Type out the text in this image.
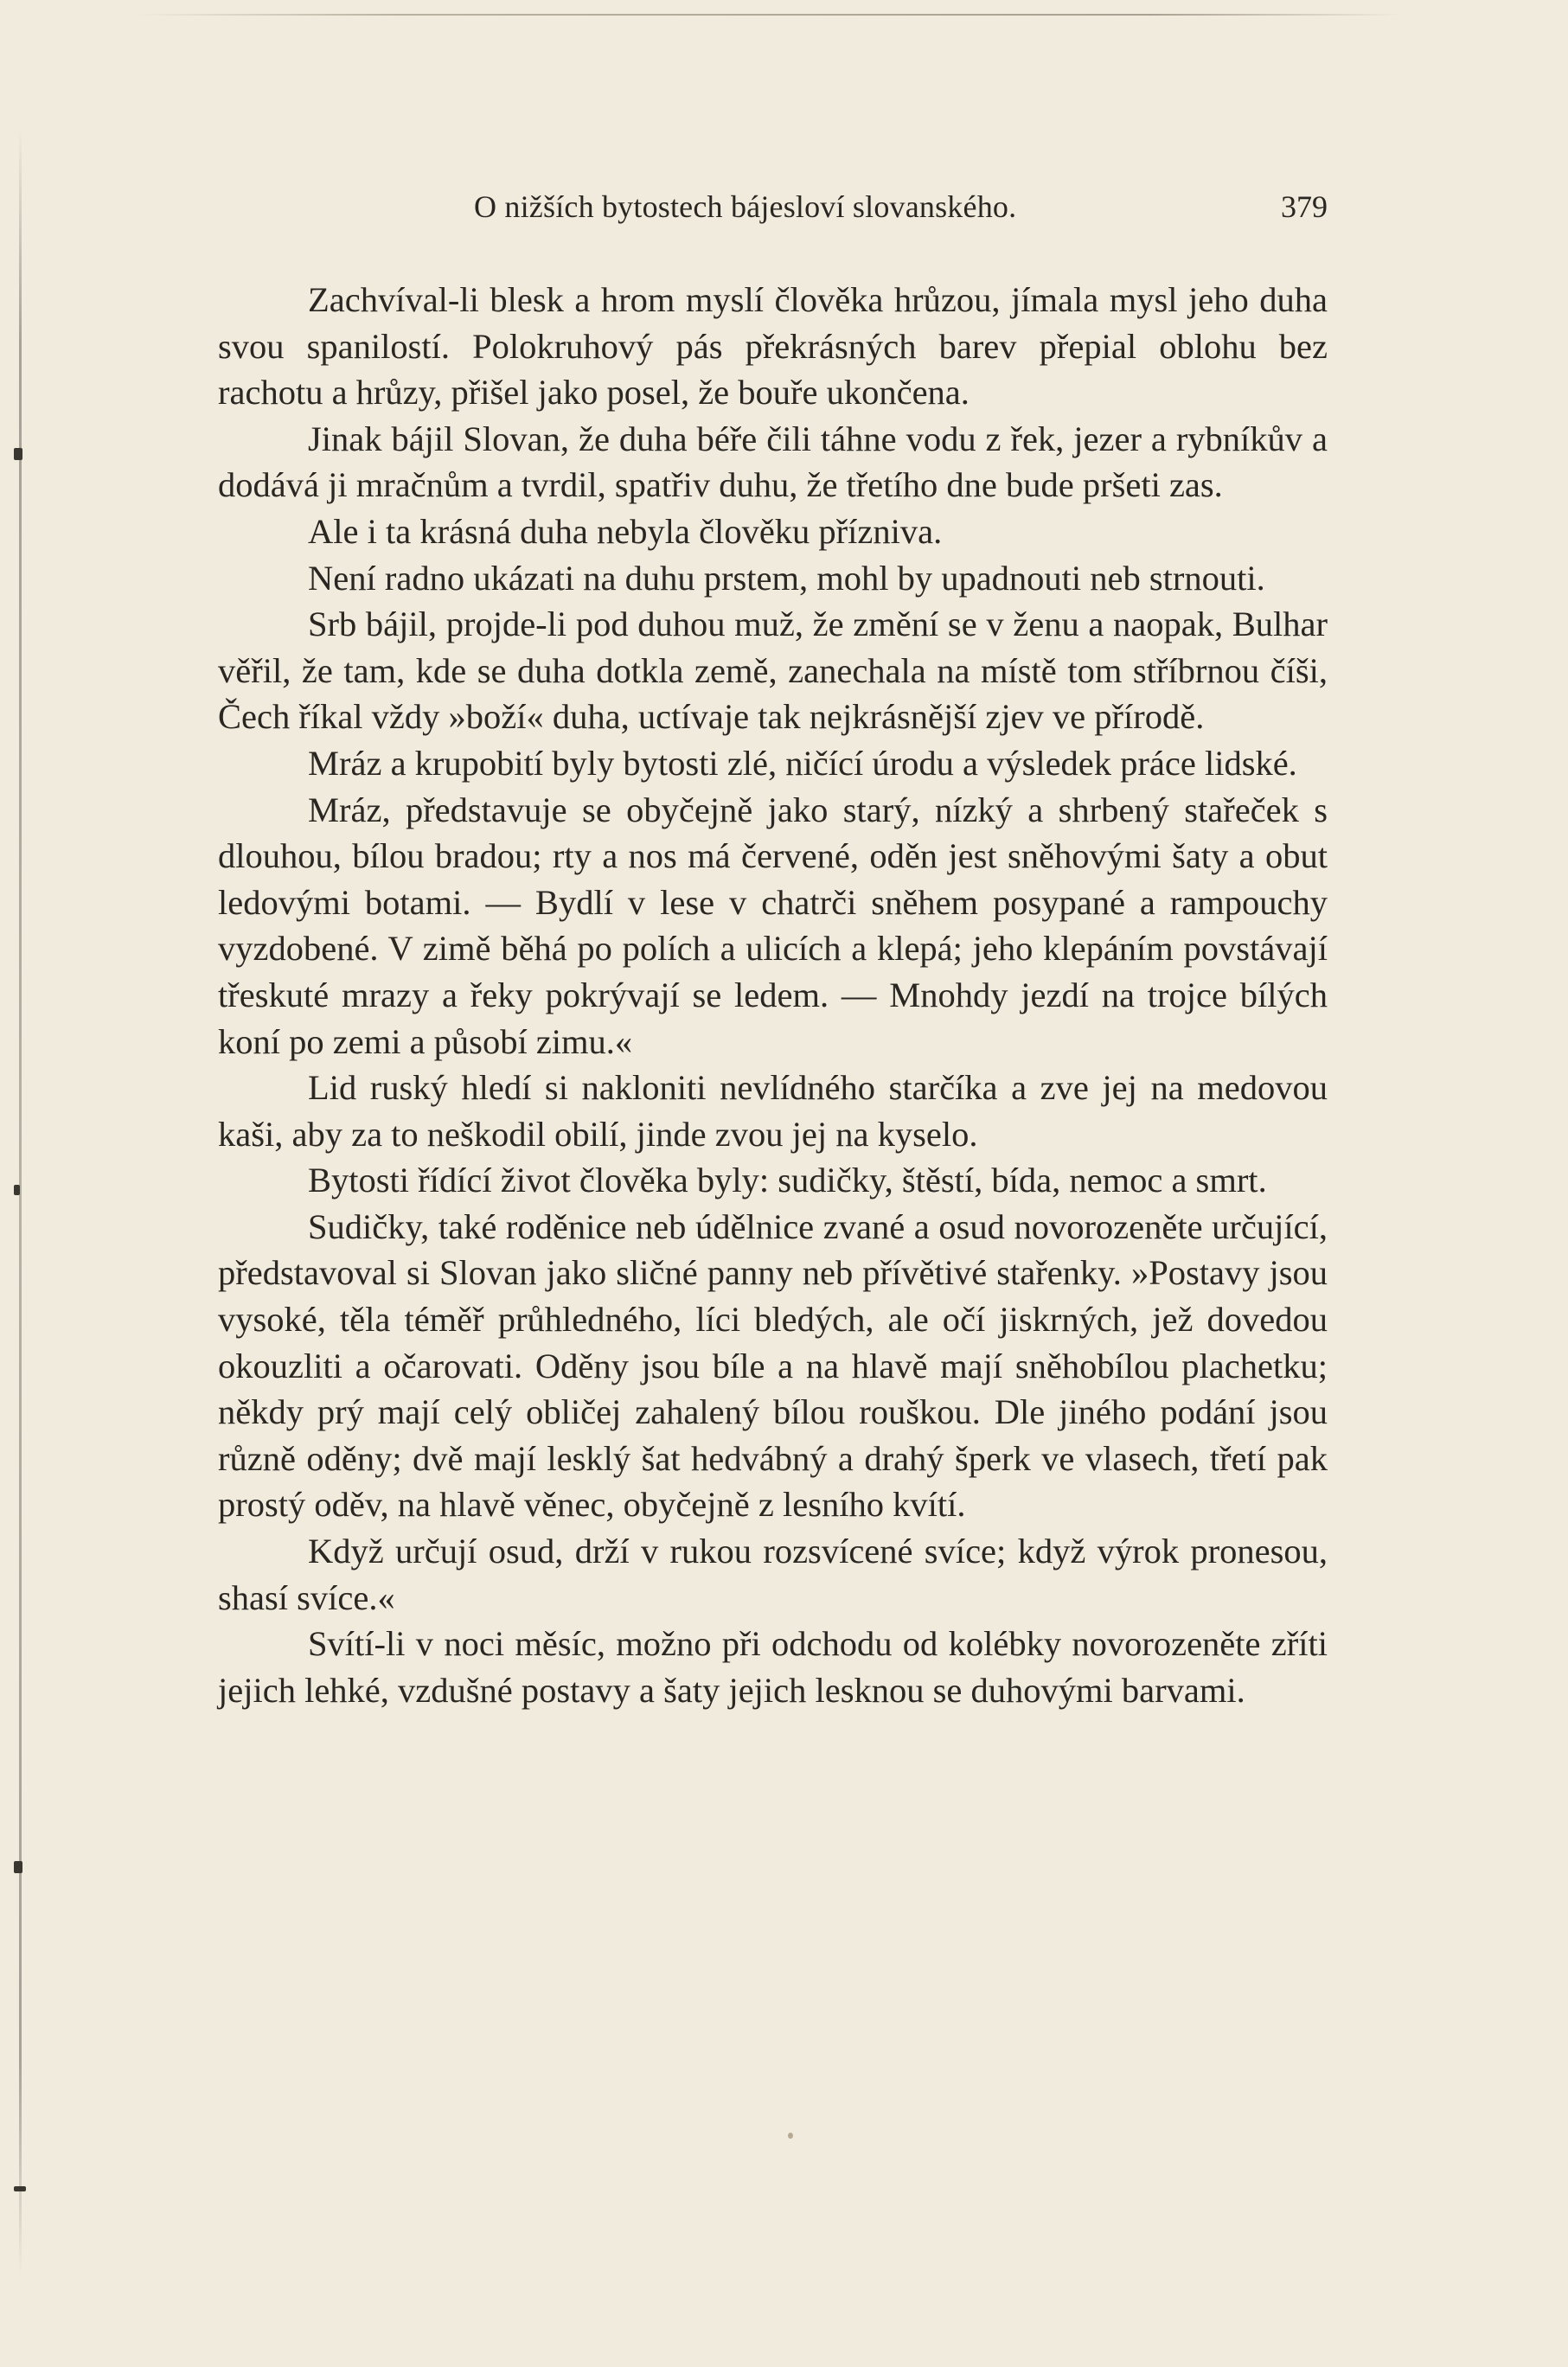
O nižších bytostech bájesloví slovanského.	379

Zachvíval-li blesk a hrom myslí člověka hrůzou, jímala mysl jeho duha svou spanilostí. Polokruhový pás překrásných barev přepial oblohu bez rachotu a hrůzy, přišel jako posel, že bouře ukončena.

Jinak bájil Slovan, že duha béře čili táhne vodu z řek, jezer a rybníkův a dodává ji mračnům a tvrdil, spatřiv duhu, že třetího dne bude pršeti zas.

Ale i ta krásná duha nebyla člověku přízniva.

Není radno ukázati na duhu prstem, mohl by upadnouti neb strnouti.

Srb bájil, projde-li pod duhou muž, že změní se v ženu a naopak, Bulhar věřil, že tam, kde se duha dotkla země, zanechala na místě tom stříbrnou číši, Čech říkal vždy »boží« duha, uctívaje tak nejkrásnější zjev ve přírodě.

Mráz a krupobití byly bytosti zlé, ničící úrodu a výsledek práce lidské.

Mráz, představuje se obyčejně jako starý, nízký a shrbený stařeček s dlouhou, bílou bradou; rty a nos má červené, oděn jest sněhovými šaty a obut ledovými botami. — Bydlí v lese v chatrči sněhem posypané a rampouchy vyzdobené. V zimě běhá po polích a ulicích a klepá; jeho klepáním povstávají třeskuté mrazy a řeky pokrývají se ledem. — Mnohdy jezdí na trojce bílých koní po zemi a působí zimu.«

Lid ruský hledí si nakloniti nevlídného starčíka a zve jej na medovou kaši, aby za to neškodil obilí, jinde zvou jej na kyselo.

Bytosti řídící život člověka byly: sudičky, štěstí, bída, nemoc a smrt.

Sudičky, také roděnice neb údělnice zvané a osud novorozeněte určující, představoval si Slovan jako sličné panny neb přívětivé stařenky. »Postavy jsou vysoké, těla téměř průhledného, líci bledých, ale očí jiskrných, jež dovedou okouzliti a očarovati. Oděny jsou bíle a na hlavě mají sněhobílou plachetku; někdy prý mají celý obličej zahalený bílou rouškou. Dle jiného podání jsou různě oděny; dvě mají lesklý šat hedvábný a drahý šperk ve vlasech, třetí pak prostý oděv, na hlavě věnec, obyčejně z lesního kvítí.

Když určují osud, drží v rukou rozsvícené svíce; když výrok pronesou, shasí svíce.«

Svítí-li v noci měsíc, možno při odchodu od kolébky novorozeněte zříti jejich lehké, vzdušné postavy a šaty jejich lesknou se duhovými barvami.
